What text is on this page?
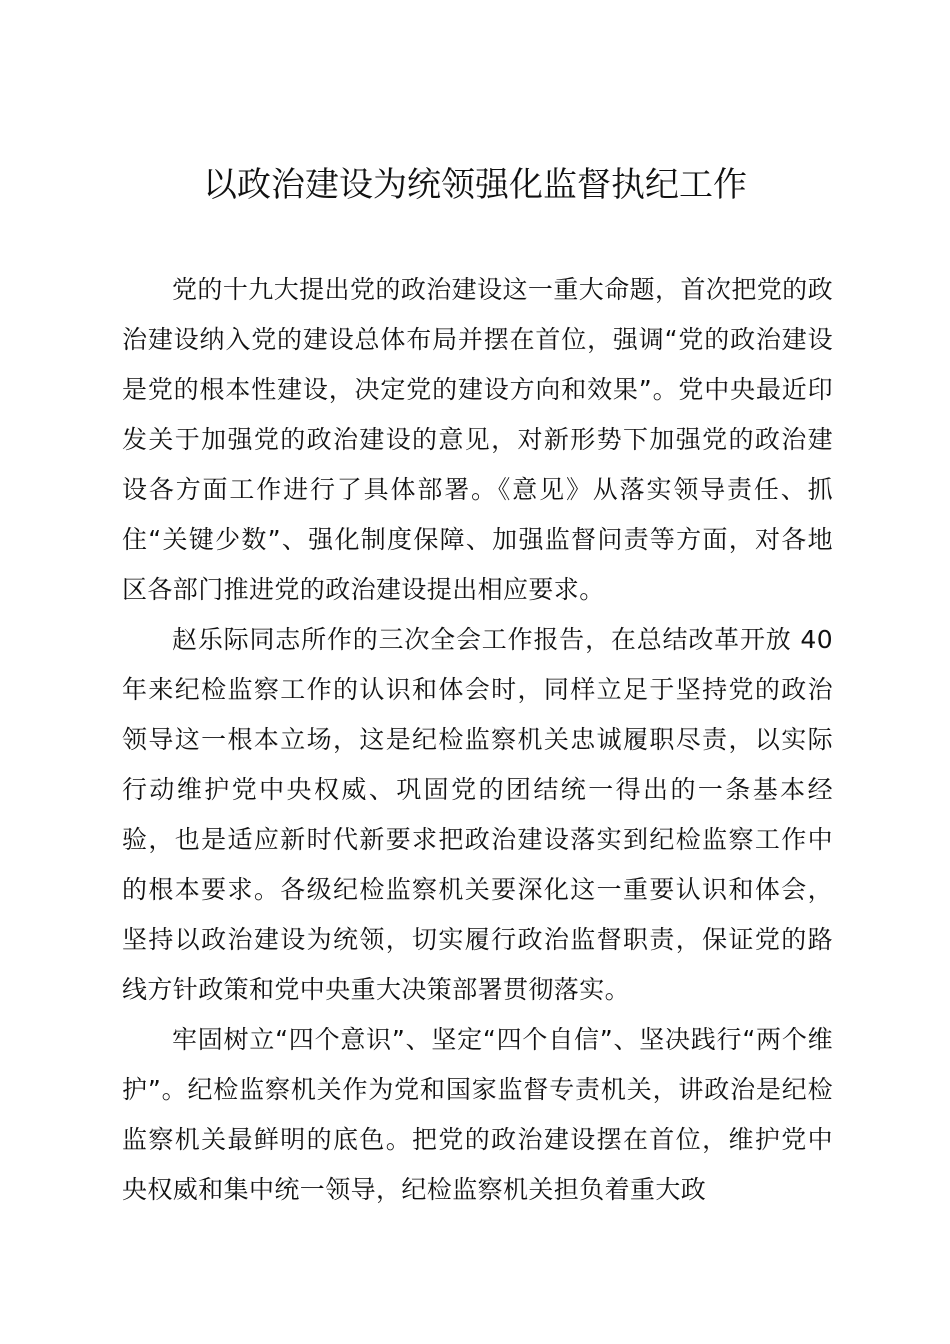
以政治建设为统领强化监督执纪工作

党的十九大提出党的政治建设这一重大命题，首次把党的政治建设纳入党的建设总体布局并摆在首位，强调“党的政治建设是党的根本性建设，决定党的建设方向和效果”。党中央最近印发关于加强党的政治建设的意见，对新形势下加强党的政治建设各方面工作进行了具体部署。《意见》从落实领导责任、抓住“关键少数”、强化制度保障、加强监督问责等方面，对各地区各部门推进党的政治建设提出相应要求。

赵乐际同志所作的三次全会工作报告，在总结改革开放 40 年来纪检监察工作的认识和体会时，同样立足于坚持党的政治领导这一根本立场，这是纪检监察机关忠诚履职尽责，以实际行动维护党中央权威、巩固党的团结统一得出的一条基本经验，也是适应新时代新要求把政治建设落实到纪检监察工作中的根本要求。各级纪检监察机关要深化这一重要认识和体会，坚持以政治建设为统领，切实履行政治监督职责，保证党的路线方针政策和党中央重大决策部署贯彻落实。

牢固树立“四个意识”、坚定“四个自信”、坚决践行“两个维护”。纪检监察机关作为党和国家监督专责机关，讲政治是纪检监察机关最鲜明的底色。把党的政治建设摆在首位，维护党中央权威和集中统一领导，纪检监察机关担负着重大政
